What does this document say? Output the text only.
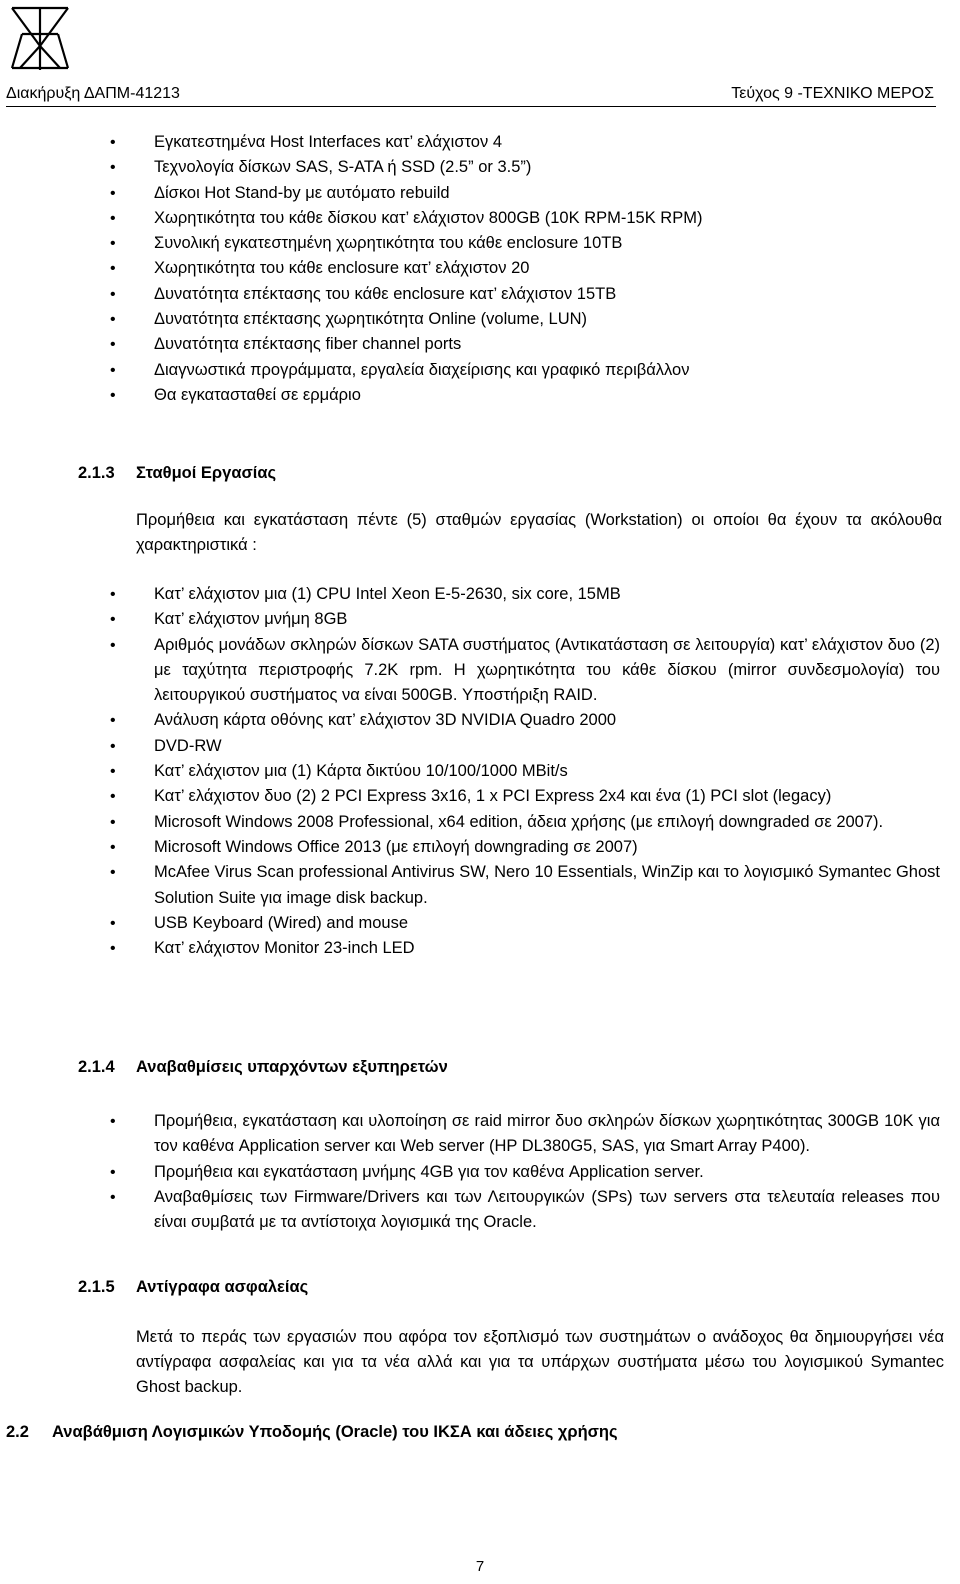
Διακήρυξη ΔΑΠΜ-41213	Τεύχος 9 -ΤΕΧΝΙΚΟ ΜΕΡΟΣ
• Εγκατεστημένα Host Interfaces κατ’ ελάχιστον 4
• Τεχνολογία δίσκων SAS, S-ATA ή SSD (2.5” or 3.5”)
• Δίσκοι Hot Stand-by με αυτόματο rebuild
• Χωρητικότητα του κάθε δίσκου κατ’ ελάχιστον 800GB (10K RPM-15K RPM)
• Συνολική εγκατεστημένη χωρητικότητα του κάθε enclosure 10TB
• Χωρητικότητα του κάθε enclosure κατ’ ελάχιστον 20
• Δυνατότητα επέκτασης του κάθε enclosure κατ’ ελάχιστον 15TB
• Δυνατότητα επέκτασης χωρητικότητα Online (volume, LUN)
• Δυνατότητα επέκτασης fiber channel ports
• Διαγνωστικά προγράμματα, εργαλεία διαχείρισης και γραφικό περιβάλλον
• Θα εγκατασταθεί σε ερμάριο
2.1.3 Σταθμοί Εργασίας
Προμήθεια και εγκατάσταση πέντε (5) σταθμών εργασίας (Workstation) οι οποίοι θα έχουν τα ακόλουθα χαρακτηριστικά :
• Κατ’ ελάχιστον μια (1) CPU Intel Xeon E-5-2630, six core, 15MB
• Κατ’ ελάχιστον μνήμη 8GB
• Αριθμός μονάδων σκληρών δίσκων SATA συστήματος (Αντικατάσταση σε λειτουργία) κατ’ ελάχιστον δυο (2) με ταχύτητα περιστροφής 7.2K rpm. Η χωρητικότητα του κάθε δίσκου (mirror συνδεσμολογία) του λειτουργικού συστήματος να είναι 500GB. Υποστήριξη RAID.
• Ανάλυση κάρτα οθόνης κατ’ ελάχιστον 3D NVIDIA Quadro 2000
• DVD-RW
• Κατ’ ελάχιστον μια (1) Κάρτα δικτύου 10/100/1000 MBit/s
• Κατ’ ελάχιστον δυο (2) 2 PCI Express 3x16, 1 x PCI Express 2x4 και ένα (1) PCI slot (legacy)
• Microsoft Windows 2008 Professional, x64 edition, άδεια χρήσης (με επιλογή downgraded σε 2007).
• Microsoft Windows Office 2013 (με επιλογή downgrading σε 2007)
• McAfee Virus Scan professional Antivirus SW, Nero 10 Essentials, WinZip και το λογισμικό Symantec Ghost Solution Suite για image disk backup.
• USB Keyboard (Wired) and mouse
• Κατ’ ελάχιστον Monitor 23-inch LED
2.1.4 Αναβαθμίσεις υπαρχόντων εξυπηρετών
• Προμήθεια, εγκατάσταση και υλοποίηση σε raid mirror δυο σκληρών δίσκων χωρητικότητας 300GB 10K για τον καθένα Application server και Web server (HP DL380G5, SAS, για Smart Array P400).
• Προμήθεια και εγκατάσταση μνήμης 4GB για τον καθένα Application server.
• Αναβαθμίσεις των Firmware/Drivers και των Λειτουργικών (SPs) των servers στα τελευταία releases που είναι συμβατά με τα αντίστοιχα λογισμικά της Oracle.
2.1.5 Αντίγραφα ασφαλείας
Μετά το περάς των εργασιών που αφόρα τον εξοπλισμό των συστημάτων ο ανάδοχος θα δημιουργήσει νέα αντίγραφα ασφαλείας και για τα νέα αλλά και για τα υπάρχων συστήματα μέσω του λογισμικού Symantec Ghost backup.
2.2 Αναβάθμιση Λογισμικών Υποδομής (Oracle) του ΙΚΣΑ και άδειες χρήσης
7
